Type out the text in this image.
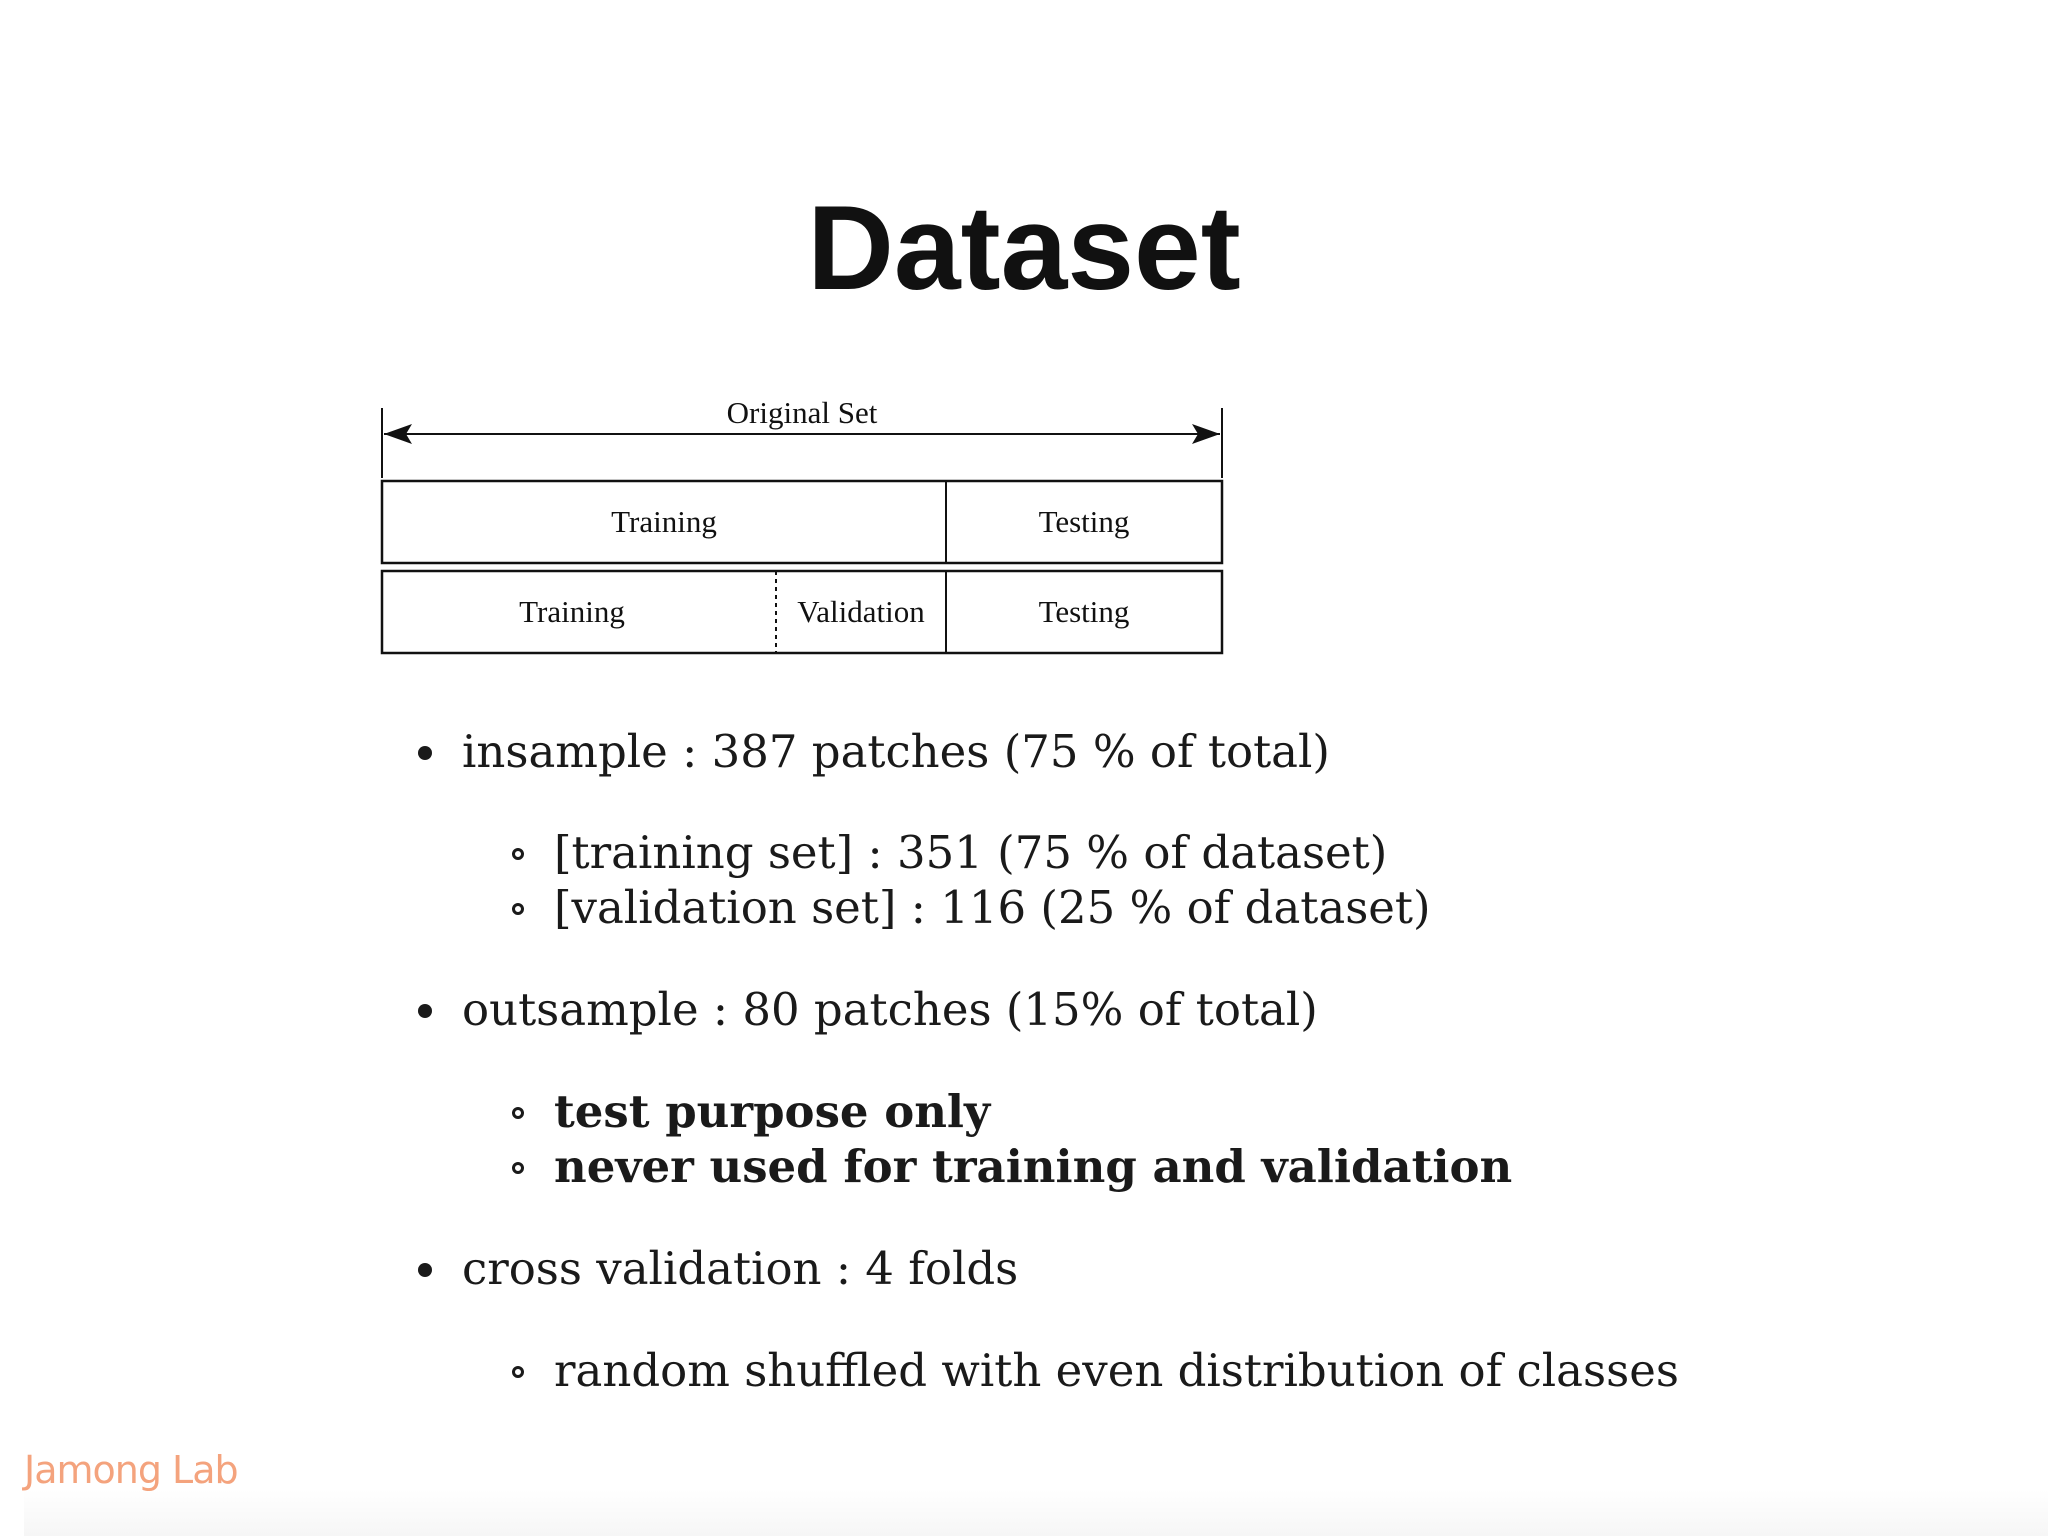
Dataset
Original Set
Training	Testing
Training	Validation	Testing
insample : 387 patches (75 % of total)
[training set] : 351 (75 % of dataset)
[validation set] : 116 (25 % of dataset)
outsample : 80 patches (15% of total)
test purpose only
never used for training and validation
cross validation : 4 folds
random shuffled with even distribution of classes
Jamong Lab
